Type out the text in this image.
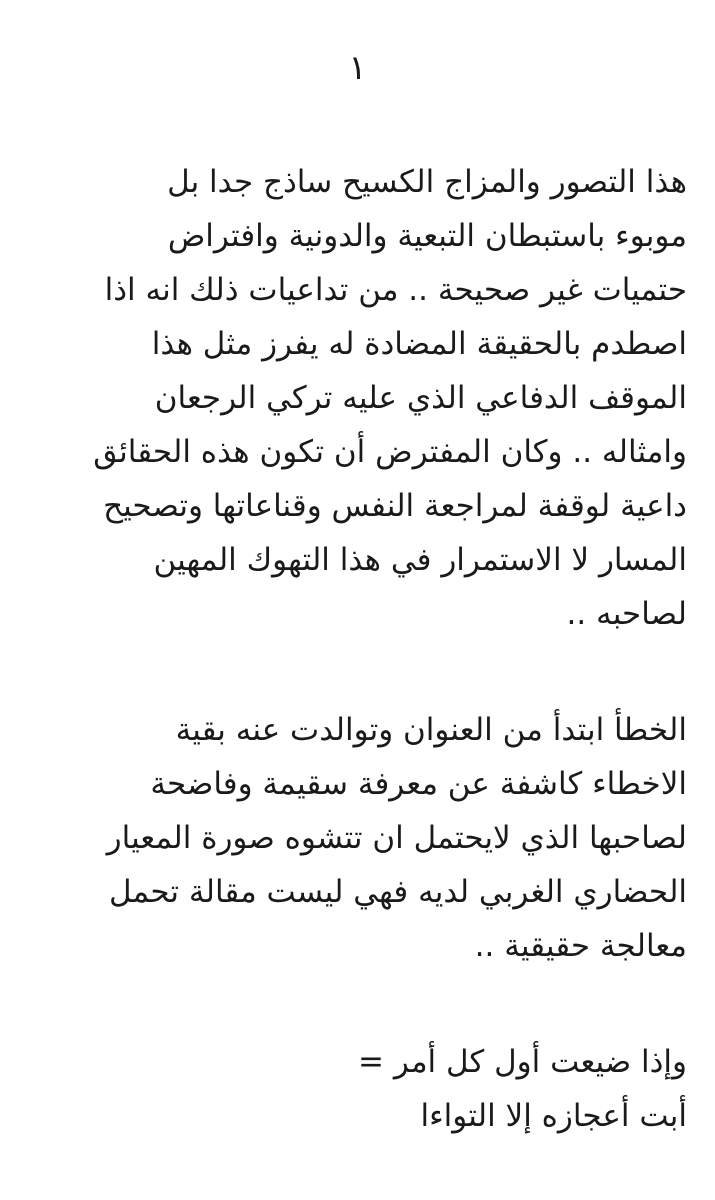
١
هذا التصور والمزاج الكسيح ساذج جدا بل
موبوء باستبطان التبعية والدونية وافتراض
حتميات غير صحيحة .. من تداعيات ذلك انه اذا
اصطدم بالحقيقة المضادة له يفرز مثل هذا
الموقف الدفاعي الذي عليه تركي الرجعان
وامثاله .. وكان المفترض أن تكون هذه الحقائق
داعية لوقفة لمراجعة النفس وقناعاتها وتصحيح
المسار لا الاستمرار في هذا التهوك المهين
لصاحبه ..
الخطأ ابتدأ من العنوان وتوالدت عنه بقية
الاخطاء كاشفة عن معرفة سقيمة وفاضحة
لصاحبها الذي لايحتمل ان تتشوه صورة المعيار
الحضاري الغربي لديه فهي ليست مقالة تحمل
معالجة حقيقية ..
وإذا ضيعت أول كل أمر =
أبت أعجازه إلا التواءا
